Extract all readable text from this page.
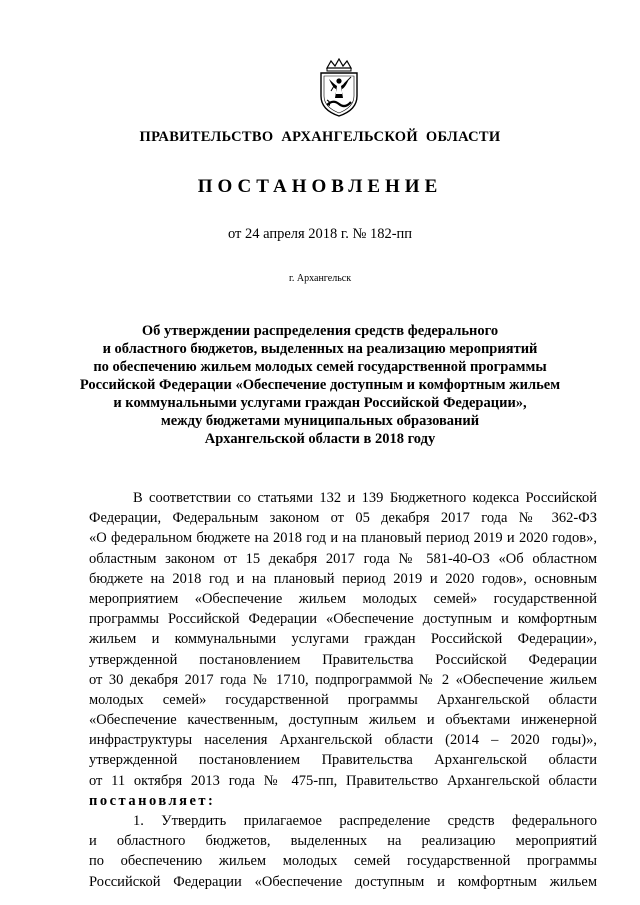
ПРАВИТЕЛЬСТВО АРХАНГЕЛЬСКОЙ ОБЛАСТИ
ПОСТАНОВЛЕНИЕ
от 24 апреля 2018 г. № 182-пп
г. Архангельск
Об утверждении распределения средств федерального
и областного бюджетов, выделенных на реализацию мероприятий
по обеспечению жильем молодых семей государственной программы
Российской Федерации «Обеспечение доступным и комфортным жильем
и коммунальными услугами граждан Российской Федерации»,
между бюджетами муниципальных образований
Архангельской области в 2018 году
В соответствии со статьями 132 и 139 Бюджетного кодекса Российской
Федерации, Федеральным законом от 05 декабря 2017 года № 362-ФЗ
«О федеральном бюджете на 2018 год и на плановый период 2019 и 2020 годов»,
областным законом от 15 декабря 2017 года № 581-40-ОЗ «Об областном
бюджете на 2018 год и на плановый период 2019 и 2020 годов», основным
мероприятием «Обеспечение жильем молодых семей» государственной
программы Российской Федерации «Обеспечение доступным и комфортным
жильем и коммунальными услугами граждан Российской Федерации»,
утвержденной постановлением Правительства Российской Федерации
от 30 декабря 2017 года № 1710, подпрограммой № 2 «Обеспечение жильем
молодых семей» государственной программы Архангельской области
«Обеспечение качественным, доступным жильем и объектами инженерной
инфраструктуры населения Архангельской области (2014 – 2020 годы)»,
утвержденной постановлением Правительства Архангельской области
от 11 октября 2013 года № 475-пп, Правительство Архангельской области
постановляет:
1. Утвердить прилагаемое распределение средств федерального
и областного бюджетов, выделенных на реализацию мероприятий
по обеспечению жильем молодых семей государственной программы
Российской Федерации «Обеспечение доступным и комфортным жильем
